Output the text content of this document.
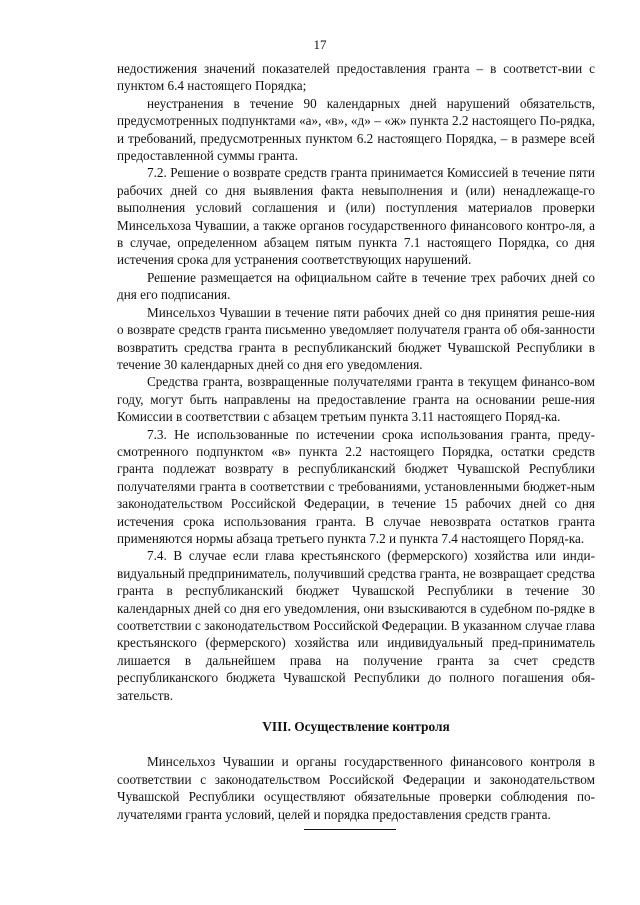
17

недостижения значений показателей предоставления гранта – в соответст-вии с пунктом 6.4 настоящего Порядка;

неустранения в течение 90 календарных дней нарушений обязательств, предусмотренных подпунктами «а», «в», «д» – «ж» пункта 2.2 настоящего По-рядка, и требований, предусмотренных пунктом 6.2 настоящего Порядка, – в размере всей предоставленной суммы гранта.

7.2. Решение о возврате средств гранта принимается Комиссией в течение пяти рабочих дней со дня выявления факта невыполнения и (или) ненадлежаще-го выполнения условий соглашения и (или) поступления материалов проверки Минсельхоза Чувашии, а также органов государственного финансового контро-ля, а в случае, определенном абзацем пятым пункта 7.1 настоящего Порядка, со дня истечения срока для устранения соответствующих нарушений.

Решение размещается на официальном сайте в течение трех рабочих дней со дня его подписания.

Минсельхоз Чувашии в течение пяти рабочих дней со дня принятия реше-ния о возврате средств гранта письменно уведомляет получателя гранта об обя-занности возвратить средства гранта в республиканский бюджет Чувашской Республики в течение 30 календарных дней со дня его уведомления.

Средства гранта, возвращенные получателями гранта в текущем финансо-вом году, могут быть направлены на предоставление гранта на основании реше-ния Комиссии в соответствии с абзацем третьим пункта 3.11 настоящего Поряд-ка.

7.3. Не использованные по истечении срока использования гранта, преду-смотренного подпунктом «в» пункта 2.2 настоящего Порядка, остатки средств гранта подлежат возврату в республиканский бюджет Чувашской Республики получателями гранта в соответствии с требованиями, установленными бюджет-ным законодательством Российской Федерации, в течение 15 рабочих дней со дня истечения срока использования гранта. В случае невозврата остатков гранта применяются нормы абзаца третьего пункта 7.2 и пункта 7.4 настоящего Поряд-ка.

7.4. В случае если глава крестьянского (фермерского) хозяйства или инди-видуальный предприниматель, получивший средства гранта, не возвращает средства гранта в республиканский бюджет Чувашской Республики в течение 30 календарных дней со дня его уведомления, они взыскиваются в судебном по-рядке в соответствии с законодательством Российской Федерации. В указанном случае глава крестьянского (фермерского) хозяйства или индивидуальный пред-приниматель лишается в дальнейшем права на получение гранта за счет средств республиканского бюджета Чувашской Республики до полного погашения обя-зательств.

VIII. Осуществление контроля

Минсельхоз Чувашии и органы государственного финансового контроля в соответствии с законодательством Российской Федерации и законодательством Чувашской Республики осуществляют обязательные проверки соблюдения по-лучателями гранта условий, целей и порядка предоставления средств гранта.
